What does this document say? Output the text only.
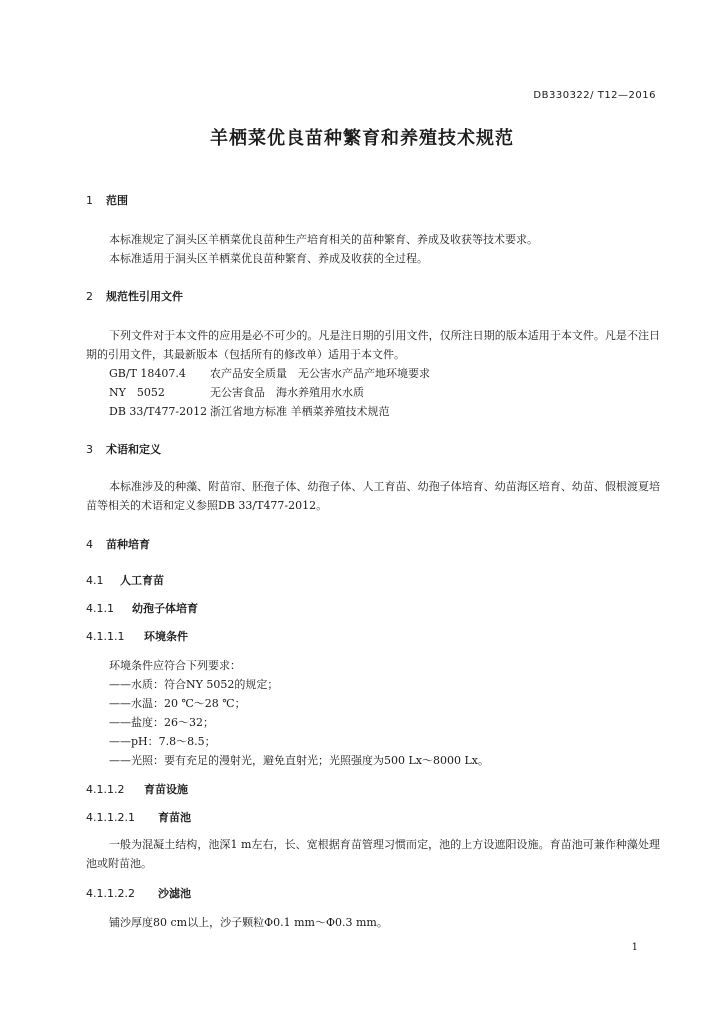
DB330322/ T12—2016
羊栖菜优良苗种繁育和养殖技术规范
1 范围

本标准规定了洞头区羊栖菜优良苗种生产培育相关的苗种繁育、养成及收获等技术要求。

本标准适用于洞头区羊栖菜优良苗种繁育、养成及收获的全过程。

2 规范性引用文件

下列文件对于本文件的应用是必不可少的。凡是注日期的引用文件，仅所注日期的版本适用于本文件。凡是不注日期的引用文件，其最新版本（包括所有的修改单）适用于本文件。

GB/T 18407.4 农产品安全质量　无公害水产品产地环境要求
NY　5052	无公害食品　海水养殖用水水质
DB 33/T477-2012 浙江省地方标准 羊栖菜养殖技术规范
3 术语和定义

本标准涉及的种藻、附苗帘、胚孢子体、幼孢子体、人工育苗、幼孢子体培育、幼苗海区培育、幼苗、假根渡夏培苗等相关的术语和定义参照DB 33/T477-2012。

4 苗种培育
4.1 人工育苗
4.1.1 幼孢子体培育
4.1.1.1 环境条件

环境条件应符合下列要求：

——水质：符合NY 5052的规定；

——水温：20 ℃～28 ℃；

——盐度：26～32；

——pH：7.8～8.5；

——光照：要有充足的漫射光，避免直射光；光照强度为500 Lx～8000 Lx。

4.1.1.2 育苗设施
4.1.1.2.1 育苗池

一般为混凝土结构，池深1 m左右，长、宽根据育苗管理习惯而定，池的上方设遮阳设施。育苗池可兼作种藻处理池或附苗池。

4.1.1.2.2 沙滤池

铺沙厚度80 cm以上，沙子颗粒Φ0.1 mm～Φ0.3 mm。

1
